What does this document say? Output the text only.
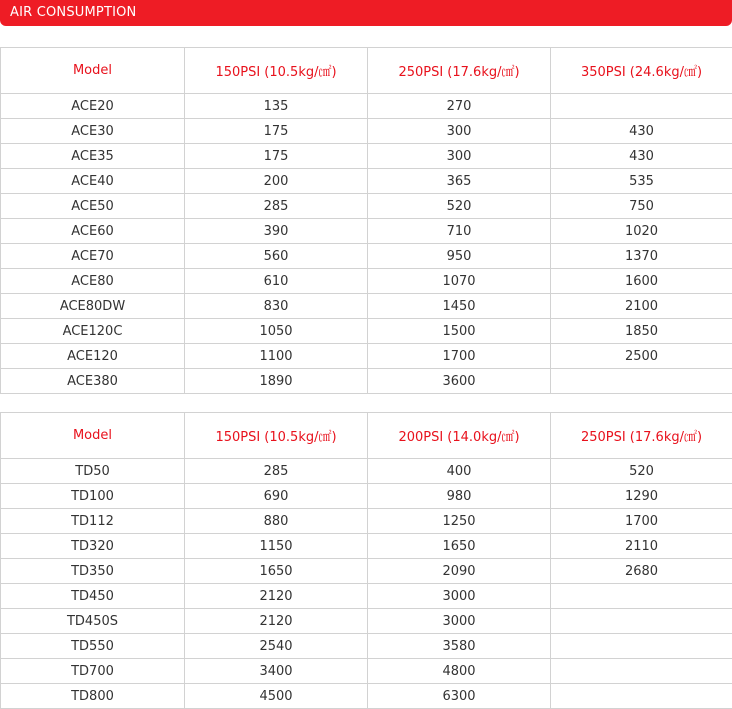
AIR CONSUMPTION
Model	150PSI (10.5kg/㎠)	250PSI (17.6kg/㎠)	350PSI (24.6kg/㎠)
ACE20	135	270	
ACE30	175	300	430
ACE35	175	300	430
ACE40	200	365	535
ACE50	285	520	750
ACE60	390	710	1020
ACE70	560	950	1370
ACE80	610	1070	1600
ACE80DW	830	1450	2100
ACE120C	1050	1500	1850
ACE120	1100	1700	2500
ACE380	1890	3600	
Model	150PSI (10.5kg/㎠)	200PSI (14.0kg/㎠)	250PSI (17.6kg/㎠)
TD50	285	400	520
TD100	690	980	1290
TD112	880	1250	1700
TD320	1150	1650	2110
TD350	1650	2090	2680
TD450	2120	3000	
TD450S	2120	3000	
TD550	2540	3580	
TD700	3400	4800	
TD800	4500	6300	
